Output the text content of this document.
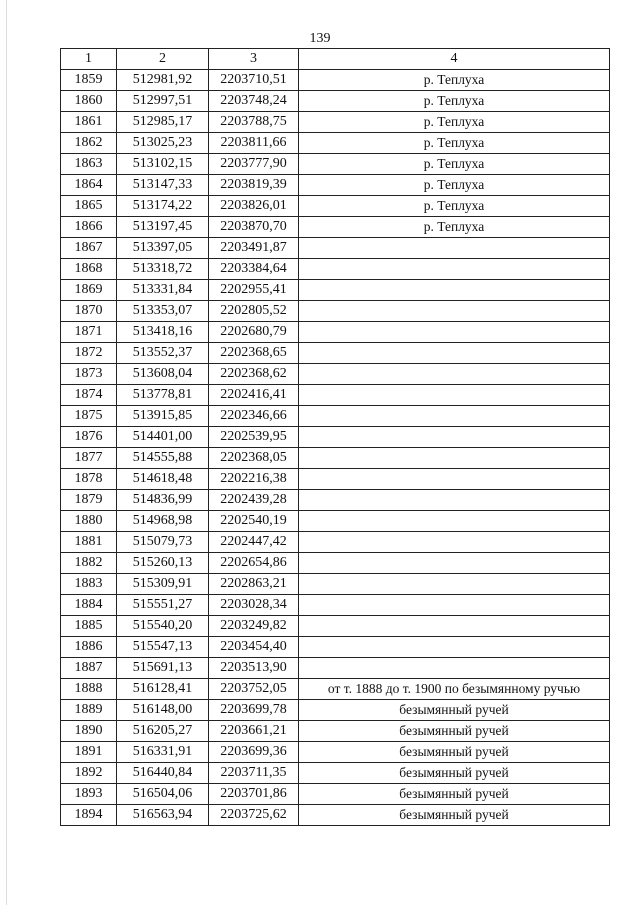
139
1	2	3	4
1859	512981,92	2203710,51	р. Теплуха
1860	512997,51	2203748,24	р. Теплуха
1861	512985,17	2203788,75	р. Теплуха
1862	513025,23	2203811,66	р. Теплуха
1863	513102,15	2203777,90	р. Теплуха
1864	513147,33	2203819,39	р. Теплуха
1865	513174,22	2203826,01	р. Теплуха
1866	513197,45	2203870,70	р. Теплуха
1867	513397,05	2203491,87	
1868	513318,72	2203384,64	
1869	513331,84	2202955,41	
1870	513353,07	2202805,52	
1871	513418,16	2202680,79	
1872	513552,37	2202368,65	
1873	513608,04	2202368,62	
1874	513778,81	2202416,41	
1875	513915,85	2202346,66	
1876	514401,00	2202539,95	
1877	514555,88	2202368,05	
1878	514618,48	2202216,38	
1879	514836,99	2202439,28	
1880	514968,98	2202540,19	
1881	515079,73	2202447,42	
1882	515260,13	2202654,86	
1883	515309,91	2202863,21	
1884	515551,27	2203028,34	
1885	515540,20	2203249,82	
1886	515547,13	2203454,40	
1887	515691,13	2203513,90	
1888	516128,41	2203752,05	от т. 1888 до т. 1900 по безымянному ручью
1889	516148,00	2203699,78	безымянный ручей
1890	516205,27	2203661,21	безымянный ручей
1891	516331,91	2203699,36	безымянный ручей
1892	516440,84	2203711,35	безымянный ручей
1893	516504,06	2203701,86	безымянный ручей
1894	516563,94	2203725,62	безымянный ручей
